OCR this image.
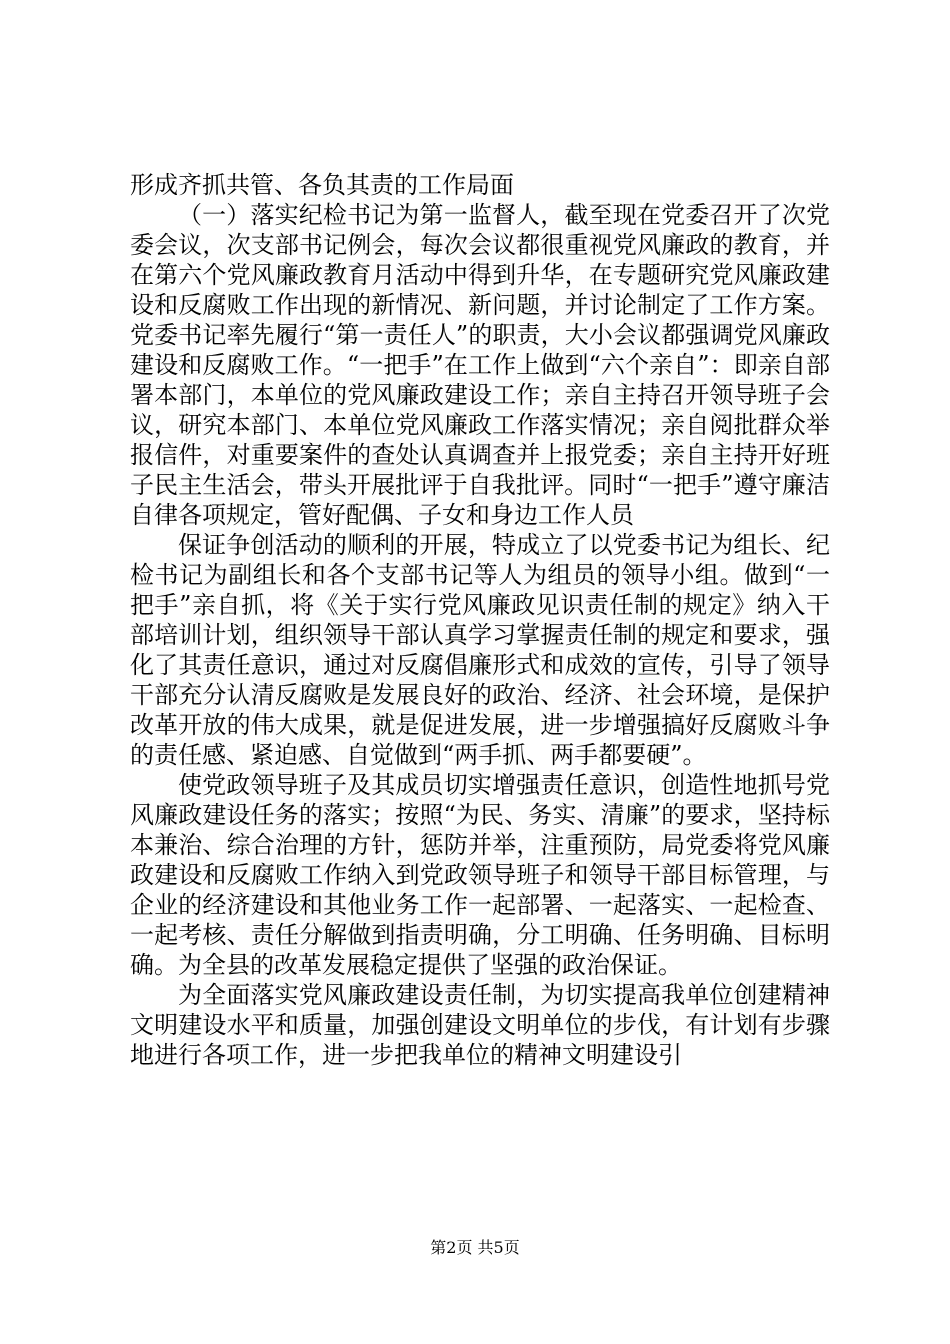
形成齐抓共管、各负其责的工作局面

（一）落实纪检书记为第一监督人，截至现在党委召开了次党委会议，次支部书记例会，每次会议都很重视党风廉政的教育，并在第六个党风廉政教育月活动中得到升华，在专题研究党风廉政建设和反腐败工作出现的新情况、新问题，并讨论制定了工作方案。党委书记率先履行“第一责任人”的职责，大小会议都强调党风廉政建设和反腐败工作。“一把手”在工作上做到“六个亲自”：即亲自部署本部门，本单位的党风廉政建设工作；亲自主持召开领导班子会议，研究本部门、本单位党风廉政工作落实情况；亲自阅批群众举报信件，对重要案件的查处认真调查并上报党委；亲自主持开好班子民主生活会，带头开展批评于自我批评。同时“一把手”遵守廉洁自律各项规定，管好配偶、子女和身边工作人员

保证争创活动的顺利的开展，特成立了以党委书记为组长、纪检书记为副组长和各个支部书记等人为组员的领导小组。做到“一把手”亲自抓，将《关于实行党风廉政见识责任制的规定》纳入干部培训计划，组织领导干部认真学习掌握责任制的规定和要求，强化了其责任意识，通过对反腐倡廉形式和成效的宣传，引导了领导干部充分认清反腐败是发展良好的政治、经济、社会环境，是保护改革开放的伟大成果，就是促进发展，进一步增强搞好反腐败斗争的责任感、紧迫感、自觉做到“两手抓、两手都要硬”。

使党政领导班子及其成员切实增强责任意识，创造性地抓号党风廉政建设任务的落实；按照“为民、务实、清廉”的要求，坚持标本兼治、综合治理的方针，惩防并举，注重预防，局党委将党风廉政建设和反腐败工作纳入到党政领导班子和领导干部目标管理，与企业的经济建设和其他业务工作一起部署、一起落实、一起检查、一起考核、责任分解做到指责明确，分工明确、任务明确、目标明确。为全县的改革发展稳定提供了坚强的政治保证。

为全面落实党风廉政建设责任制，为切实提高我单位创建精神文明建设水平和质量，加强创建设文明单位的步伐，有计划有步骤地进行各项工作，进一步把我单位的精神文明建设引

第2页 共5页
